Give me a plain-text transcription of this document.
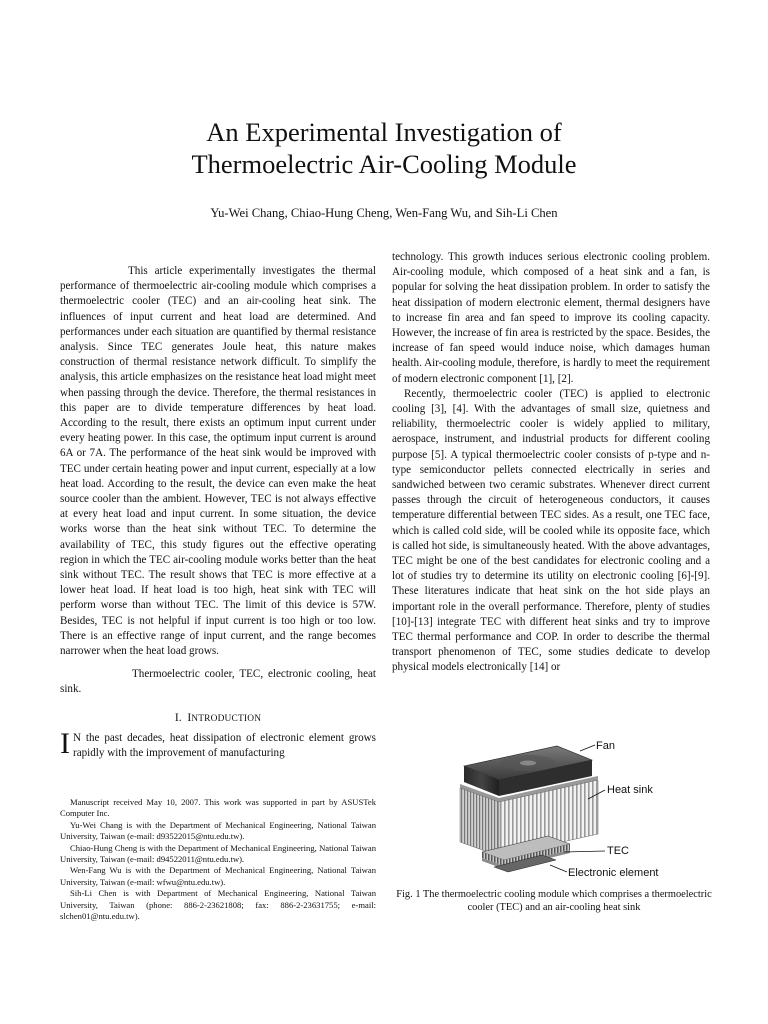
An Experimental Investigation of
Thermoelectric Air-Cooling Module
Yu-Wei Chang, Chiao-Hung Cheng, Wen-Fang Wu, and Sih-Li Chen

This article experimentally investigates the thermal performance of thermoelectric air-cooling module which comprises a thermoelectric cooler (TEC) and an air-cooling heat sink. The influences of input current and heat load are determined. And performances under each situation are quantified by thermal resistance analysis. Since TEC generates Joule heat, this nature makes construction of thermal resistance network difficult. To simplify the analysis, this article emphasizes on the resistance heat load might meet when passing through the device. Therefore, the thermal resistances in this paper are to divide temperature differences by heat load. According to the result, there exists an optimum input current under every heating power. In this case, the optimum input current is around 6A or 7A. The performance of the heat sink would be improved with TEC under certain heating power and input current, especially at a low heat load. According to the result, the device can even make the heat source cooler than the ambient. However, TEC is not always effective at every heat load and input current. In some situation, the device works worse than the heat sink without TEC. To determine the availability of TEC, this study figures out the effective operating region in which the TEC air-cooling module works better than the heat sink without TEC. The result shows that TEC is more effective at a lower heat load. If heat load is too high, heat sink with TEC will perform worse than without TEC. The limit of this device is 57W. Besides, TEC is not helpful if input current is too high or too low. There is an effective range of input current, and the range becomes narrower when the heat load grows.

Thermoelectric cooler, TEC, electronic cooling, heat sink.

I. INTRODUCTION

I N the past decades, heat dissipation of electronic element grows rapidly with the improvement of manufacturing

Manuscript received May 10, 2007. This work was supported in part by ASUSTek Computer Inc.

Yu-Wei Chang is with the Department of Mechanical Engineering, National Taiwan University, Taiwan (e-mail: d93522015@ntu.edu.tw).

Chiao-Hung Cheng is with the Department of Mechanical Engineering, National Taiwan University, Taiwan (e-mail: d94522011@ntu.edu.tw).

Wen-Fang Wu is with the Department of Mechanical Engineering, National Taiwan University, Taiwan (e-mail: wfwu@ntu.edu.tw).

Sih-Li Chen is with Department of Mechanical Engineering, National Taiwan University, Taiwan (phone: 886-2-23621808; fax: 886-2-23631755; e-mail: slchen01@ntu.edu.tw).

technology. This growth induces serious electronic cooling problem. Air-cooling module, which composed of a heat sink and a fan, is popular for solving the heat dissipation problem. In order to satisfy the heat dissipation of modern electronic element, thermal designers have to increase fin area and fan speed to improve its cooling capacity. However, the increase of fin area is restricted by the space. Besides, the increase of fan speed would induce noise, which damages human health. Air-cooling module, therefore, is hardly to meet the requirement of modern electronic component [1], [2].

Recently, thermoelectric cooler (TEC) is applied to electronic cooling [3], [4]. With the advantages of small size, quietness and reliability, thermoelectric cooler is widely applied to military, aerospace, instrument, and industrial products for different cooling purpose [5]. A typical thermoelectric cooler consists of p-type and n-type semiconductor pellets connected electrically in series and sandwiched between two ceramic substrates. Whenever direct current passes through the circuit of heterogeneous conductors, it causes temperature differential between TEC sides. As a result, one TEC face, which is called cold side, will be cooled while its opposite face, which is called hot side, is simultaneously heated. With the above advantages, TEC might be one of the best candidates for electronic cooling and a lot of studies try to determine its utility on electronic cooling [6]-[9]. These literatures indicate that heat sink on the hot side plays an important role in the overall performance. Therefore, plenty of studies [10]-[13] integrate TEC with different heat sinks and try to improve TEC thermal performance and COP. In order to describe the thermal transport phenomenon of TEC, some studies dedicate to develop physical models electronically [14] or

Fan
Heat sink
TEC
Electronic element
Fig. 1 The thermoelectric cooling module which comprises a thermoelectric cooler (TEC) and an air-cooling heat sink
